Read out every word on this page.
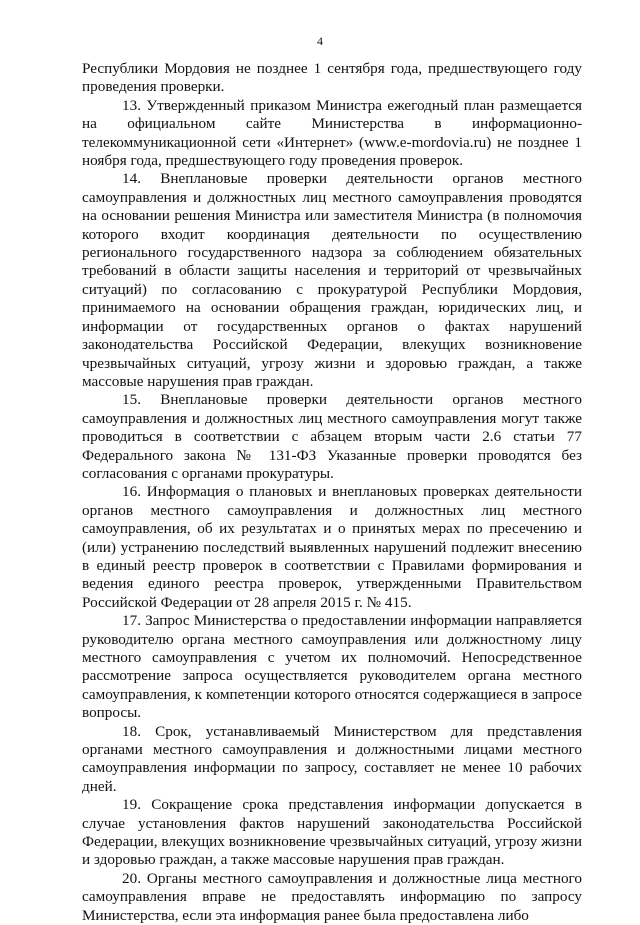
4

Республики Мордовия не позднее 1 сентября года, предшествующего году проведения проверки.

13. Утвержденный приказом Министра ежегодный план размещается на официальном сайте Министерства в информационно-телекоммуникационной сети «Интернет» (www.e-mordovia.ru) не позднее 1 ноября года, предшествующего году проведения проверок.

14. Внеплановые проверки деятельности органов местного самоуправления и должностных лиц местного самоуправления проводятся на основании решения Министра или заместителя Министра (в полномочия которого входит координация деятельности по осуществлению регионального государственного надзора за соблюдением обязательных требований в области защиты населения и территорий от чрезвычайных ситуаций) по согласованию с прокуратурой Республики Мордовия, принимаемого на основании обращения граждан, юридических лиц, и информации от государственных органов о фактах нарушений законодательства Российской Федерации, влекущих возникновение чрезвычайных ситуаций, угрозу жизни и здоровью граждан, а также массовые нарушения прав граждан.

15. Внеплановые проверки деятельности органов местного самоуправления и должностных лиц местного самоуправления могут также проводиться в соответствии с абзацем вторым части 2.6 статьи 77 Федерального закона № 131-ФЗ Указанные проверки проводятся без согласования с органами прокуратуры.

16. Информация о плановых и внеплановых проверках деятельности органов местного самоуправления и должностных лиц местного самоуправления, об их результатах и о принятых мерах по пресечению и (или) устранению последствий выявленных нарушений подлежит внесению в единый реестр проверок в соответствии с Правилами формирования и ведения единого реестра проверок, утвержденными Правительством Российской Федерации от 28 апреля 2015 г. № 415.

17. Запрос Министерства о предоставлении информации направляется руководителю органа местного самоуправления или должностному лицу местного самоуправления с учетом их полномочий. Непосредственное рассмотрение запроса осуществляется руководителем органа местного самоуправления, к компетенции которого относятся содержащиеся в запросе вопросы.

18. Срок, устанавливаемый Министерством для представления органами местного самоуправления и должностными лицами местного самоуправления информации по запросу, составляет не менее 10 рабочих дней.

19. Сокращение срока представления информации допускается в случае установления фактов нарушений законодательства Российской Федерации, влекущих возникновение чрезвычайных ситуаций, угрозу жизни и здоровью граждан, а также массовые нарушения прав граждан.

20. Органы местного самоуправления и должностные лица местного самоуправления вправе не предоставлять информацию по запросу Министерства, если эта информация ранее была предоставлена либо
